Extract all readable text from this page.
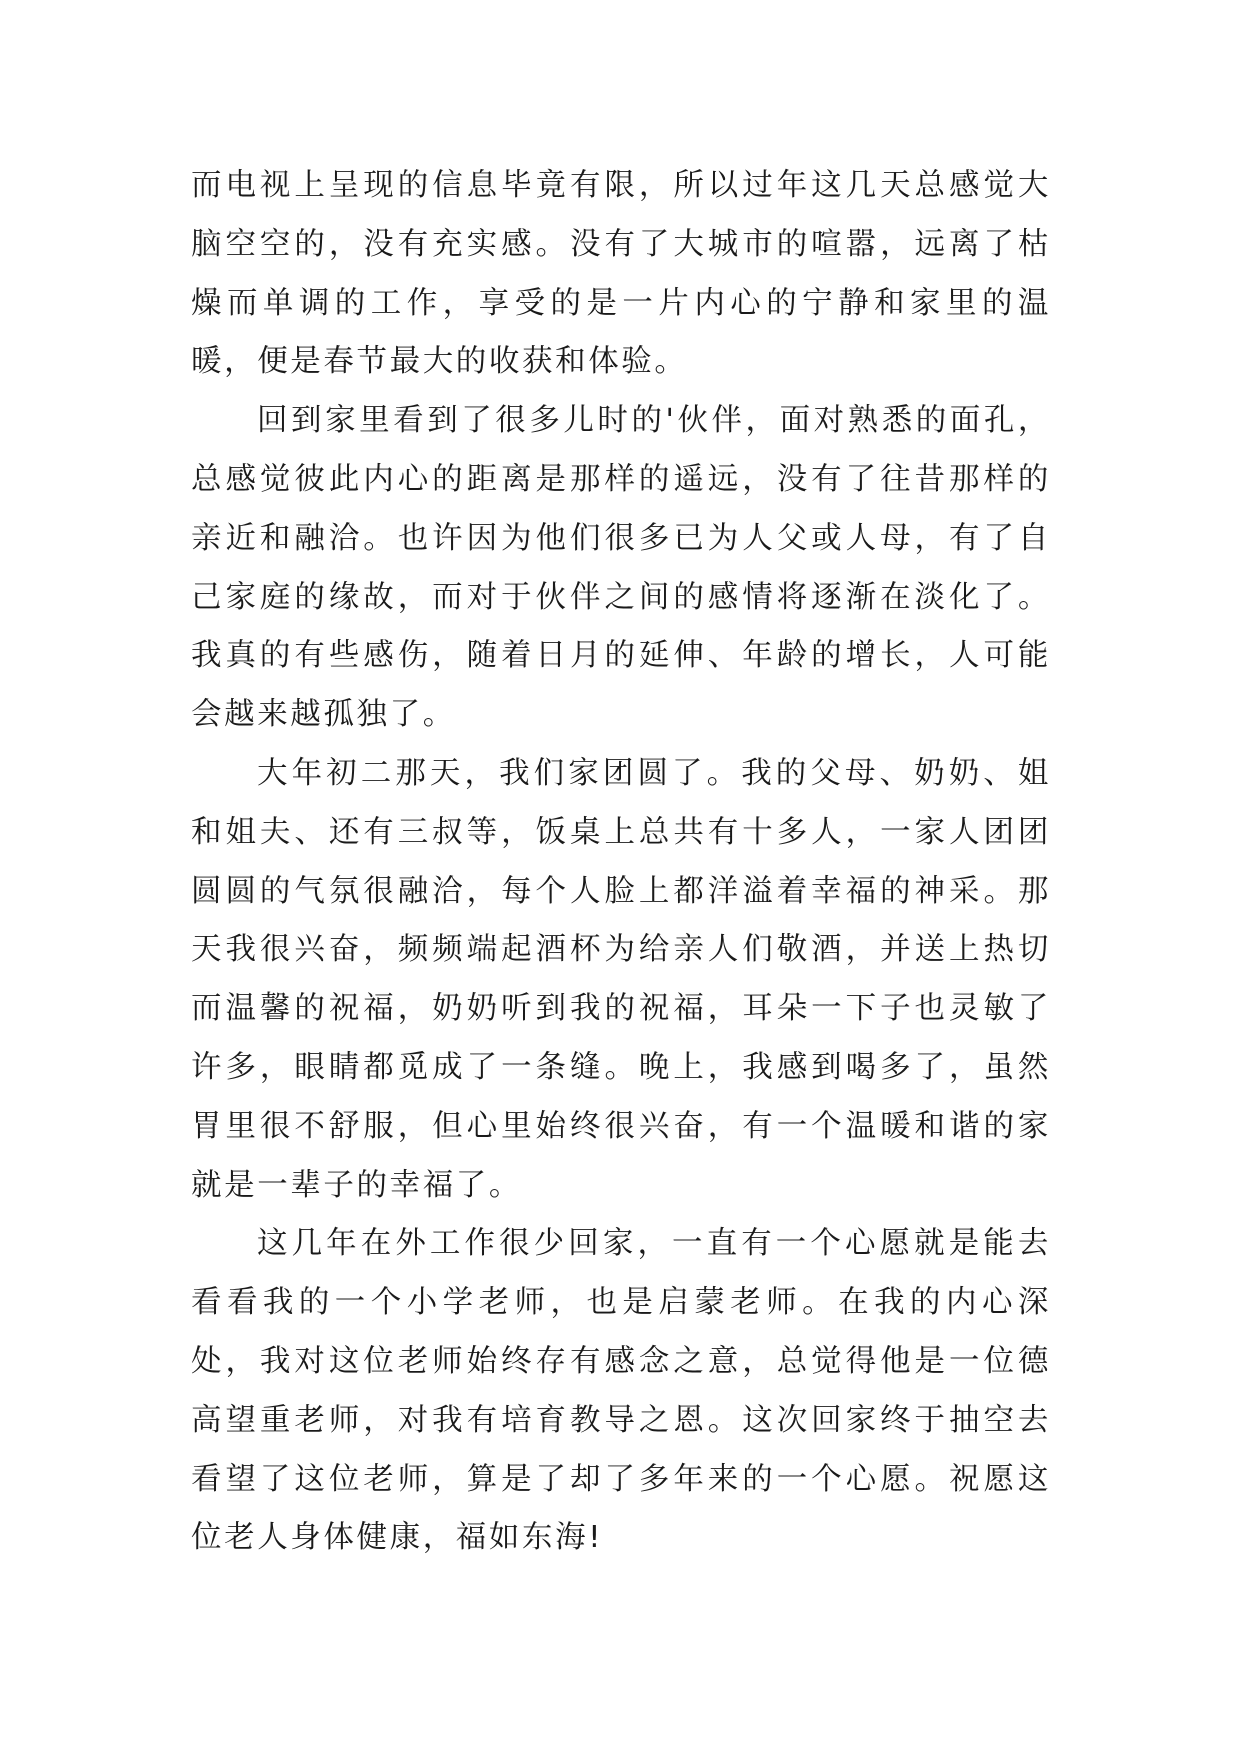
而电视上呈现的信息毕竟有限，所以过年这几天总感觉大脑空空的，没有充实感。没有了大城市的喧嚣，远离了枯燥而单调的工作，享受的是一片内心的宁静和家里的温暖，便是春节最大的收获和体验。

回到家里看到了很多儿时的'伙伴，面对熟悉的面孔，总感觉彼此内心的距离是那样的遥远，没有了往昔那样的亲近和融洽。也许因为他们很多已为人父或人母，有了自己家庭的缘故，而对于伙伴之间的感情将逐渐在淡化了。我真的有些感伤，随着日月的延伸、年龄的增长，人可能会越来越孤独了。

大年初二那天，我们家团圆了。我的父母、奶奶、姐和姐夫、还有三叔等，饭桌上总共有十多人，一家人团团圆圆的气氛很融洽，每个人脸上都洋溢着幸福的神采。那天我很兴奋，频频端起酒杯为给亲人们敬酒，并送上热切而温馨的祝福，奶奶听到我的祝福，耳朵一下子也灵敏了许多，眼睛都觅成了一条缝。晚上，我感到喝多了，虽然胃里很不舒服，但心里始终很兴奋，有一个温暖和谐的家就是一辈子的幸福了。

这几年在外工作很少回家，一直有一个心愿就是能去看看我的一个小学老师，也是启蒙老师。在我的内心深处，我对这位老师始终存有感念之意，总觉得他是一位德高望重老师，对我有培育教导之恩。这次回家终于抽空去看望了这位老师，算是了却了多年来的一个心愿。祝愿这位老人身体健康，福如东海!
